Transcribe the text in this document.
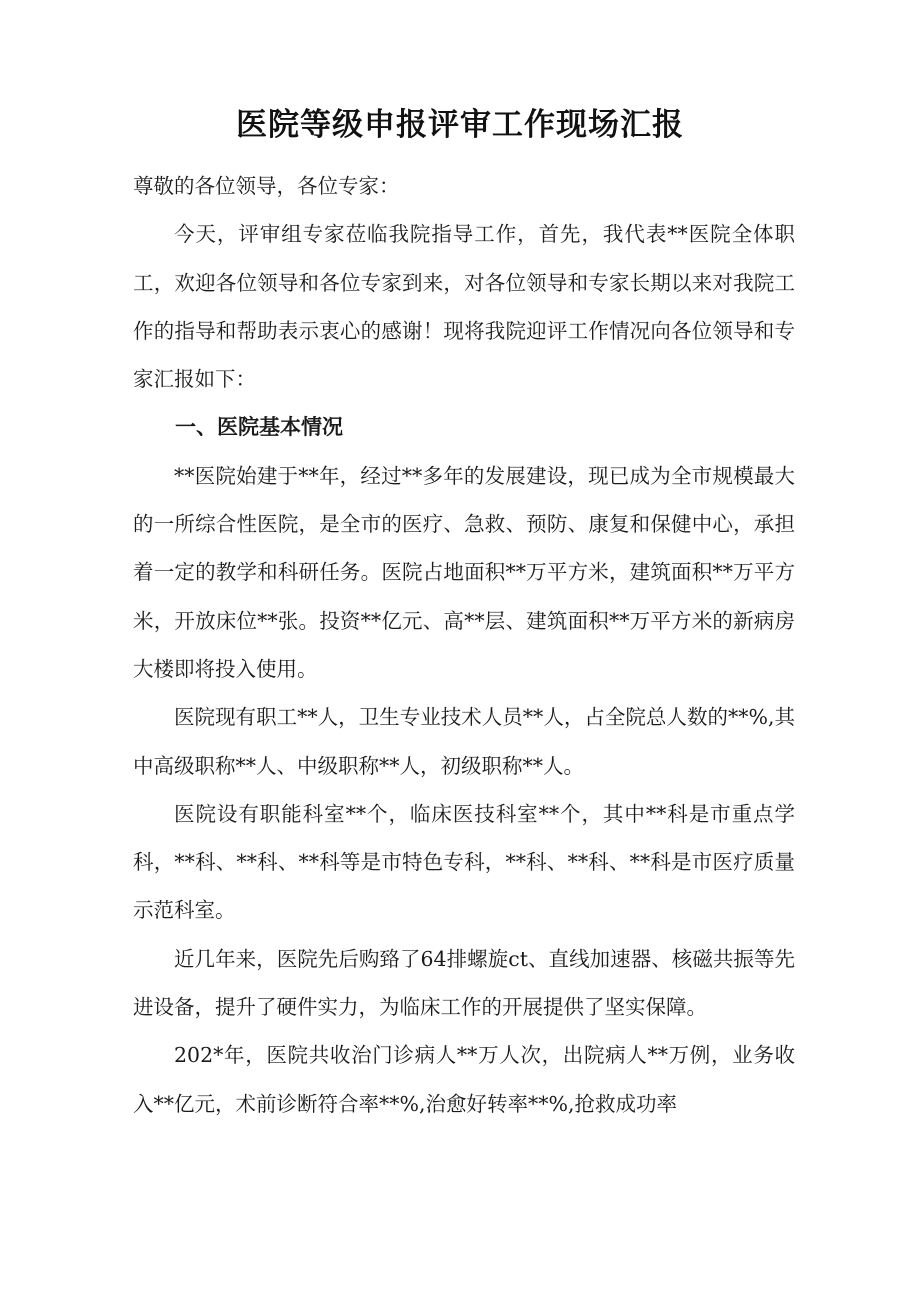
医院等级申报评审工作现场汇报

尊敬的各位领导，各位专家：

今天，评审组专家莅临我院指导工作，首先，我代表**医院全体职工，欢迎各位领导和各位专家到来，对各位领导和专家长期以来对我院工作的指导和帮助表示衷心的感谢！现将我院迎评工作情况向各位领导和专家汇报如下：

一、医院基本情况

**医院始建于**年，经过**多年的发展建设，现已成为全市规模最大的一所综合性医院，是全市的医疗、急救、预防、康复和保健中心，承担着一定的教学和科研任务。医院占地面积**万平方米，建筑面积**万平方米，开放床位**张。投资**亿元、高**层、建筑面积**万平方米的新病房大楼即将投入使用。

医院现有职工**人，卫生专业技术人员**人，占全院总人数的**%,其中高级职称**人、中级职称**人，初级职称**人。

医院设有职能科室**个，临床医技科室**个，其中**科是市重点学科，**科、**科、**科等是市特色专科，**科、**科、**科是市医疗质量示范科室。

近几年来，医院先后购臵了64排螺旋ct、直线加速器、核磁共振等先进设备，提升了硬件实力，为临床工作的开展提供了坚实保障。

202*年，医院共收治门诊病人**万人次，出院病人**万例，业务收入**亿元，术前诊断符合率**%,治愈好转率**%,抢救成功率
